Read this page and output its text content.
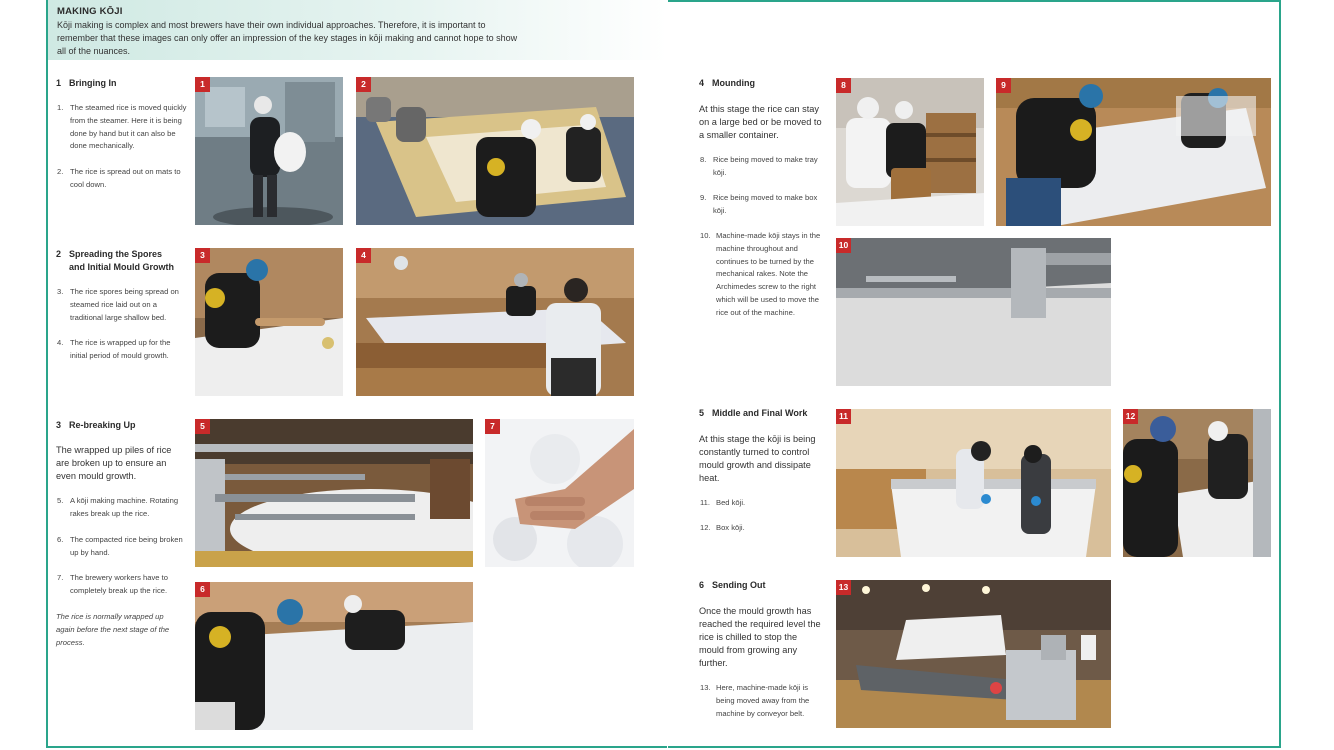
MAKING KŌJI
Kōji making is complex and most brewers have their own individual approaches. Therefore, it is important to remember that these images can only offer an impression of the key stages in kōji making and cannot hope to show all of the nuances.
1 Bringing In
1. The steamed rice is moved quickly from the steamer. Here it is being done by hand but it can also be done mechanically.
2. The rice is spread out on mats to cool down.
2 Spreading the Spores
and Initial Mould Growth
3. The rice spores being spread on steamed rice laid out on a traditional large shallow bed.
4. The rice is wrapped up for the initial period of mould growth.
3 Re-breaking Up
The wrapped up piles of rice are broken up to ensure an even mould growth.
5. A kōji making machine. Rotating rakes break up the rice.
6. The compacted rice being broken up by hand.
7. The brewery workers have to completely break up the rice.
The rice is normally wrapped up again before the next stage of the process.
1	2
3	4
5	7
6
4 Mounding
At this stage the rice can stay on a large bed or be moved to a smaller container.
8. Rice being moved to make tray kōji.
9. Rice being moved to make box kōji.
10. Machine-made kōji stays in the machine throughout and continues to be turned by the mechanical rakes. Note the Archimedes screw to the right which will be used to move the rice out of the machine.
5 Middle and Final Work
At this stage the kōji is being constantly turned to control mould growth and dissipate heat.
11. Bed kōji.
12. Box kōji.
6 Sending Out
Once the mould growth has reached the required level the rice is chilled to stop the mould from growing any further.
13. Here, machine-made kōji is being moved away from the machine by conveyor belt.
8	9
10
11	12
13
